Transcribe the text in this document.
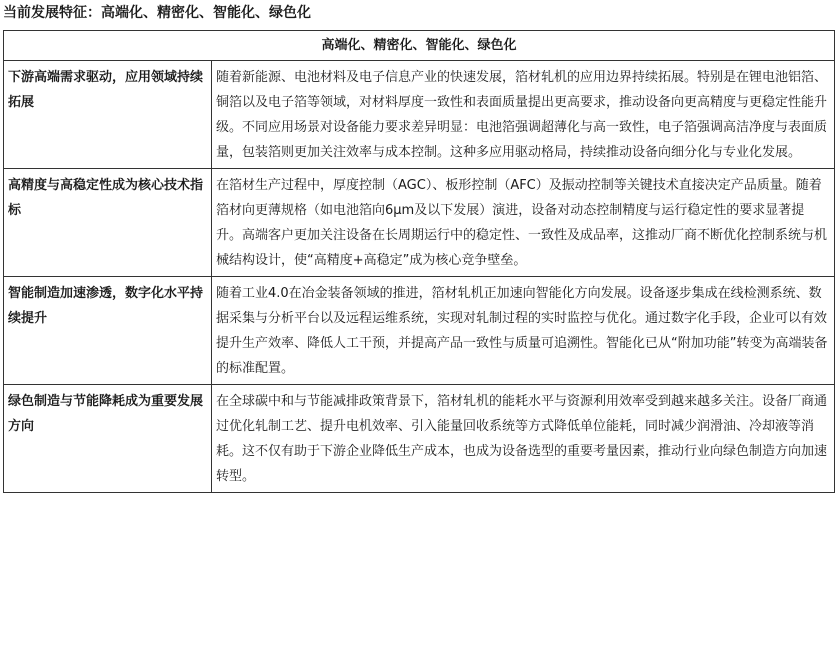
当前发展特征：高端化、精密化、智能化、绿色化
高端化、精密化、智能化、绿色化	
下游高端需求驱动，应用领域持续拓展	随着新能源、电池材料及电子信息产业的快速发展，箔材轧机的应用边界持续拓展。特别是在锂电池铝箔、铜箔以及电子箔等领域，对材料厚度一致性和表面质量提出更高要求，推动设备向更高精度与更稳定性能升级。不同应用场景对设备能力要求差异明显：电池箔强调超薄化与高一致性，电子箔强调高洁净度与表面质量，包装箔则更加关注效率与成本控制。这种多应用驱动格局，持续推动设备向细分化与专业化发展。
高精度与高稳定性成为核心技术指标	在箔材生产过程中，厚度控制（AGC）、板形控制（AFC）及振动控制等关键技术直接决定产品质量。随着箔材向更薄规格（如电池箔向6μm及以下发展）演进，设备对动态控制精度与运行稳定性的要求显著提升。高端客户更加关注设备在长周期运行中的稳定性、一致性及成品率，这推动厂商不断优化控制系统与机械结构设计，使“高精度+高稳定”成为核心竞争壁垒。
智能制造加速渗透，数字化水平持续提升	随着工业4.0在冶金装备领域的推进，箔材轧机正加速向智能化方向发展。设备逐步集成在线检测系统、数据采集与分析平台以及远程运维系统，实现对轧制过程的实时监控与优化。通过数字化手段，企业可以有效提升生产效率、降低人工干预，并提高产品一致性与质量可追溯性。智能化已从“附加功能”转变为高端装备的标准配置。
绿色制造与节能降耗成为重要发展方向	在全球碳中和与节能减排政策背景下，箔材轧机的能耗水平与资源利用效率受到越来越多关注。设备厂商通过优化轧制工艺、提升电机效率、引入能量回收系统等方式降低单位能耗，同时减少润滑油、冷却液等消耗。这不仅有助于下游企业降低生产成本，也成为设备选型的重要考量因素，推动行业向绿色制造方向加速转型。
